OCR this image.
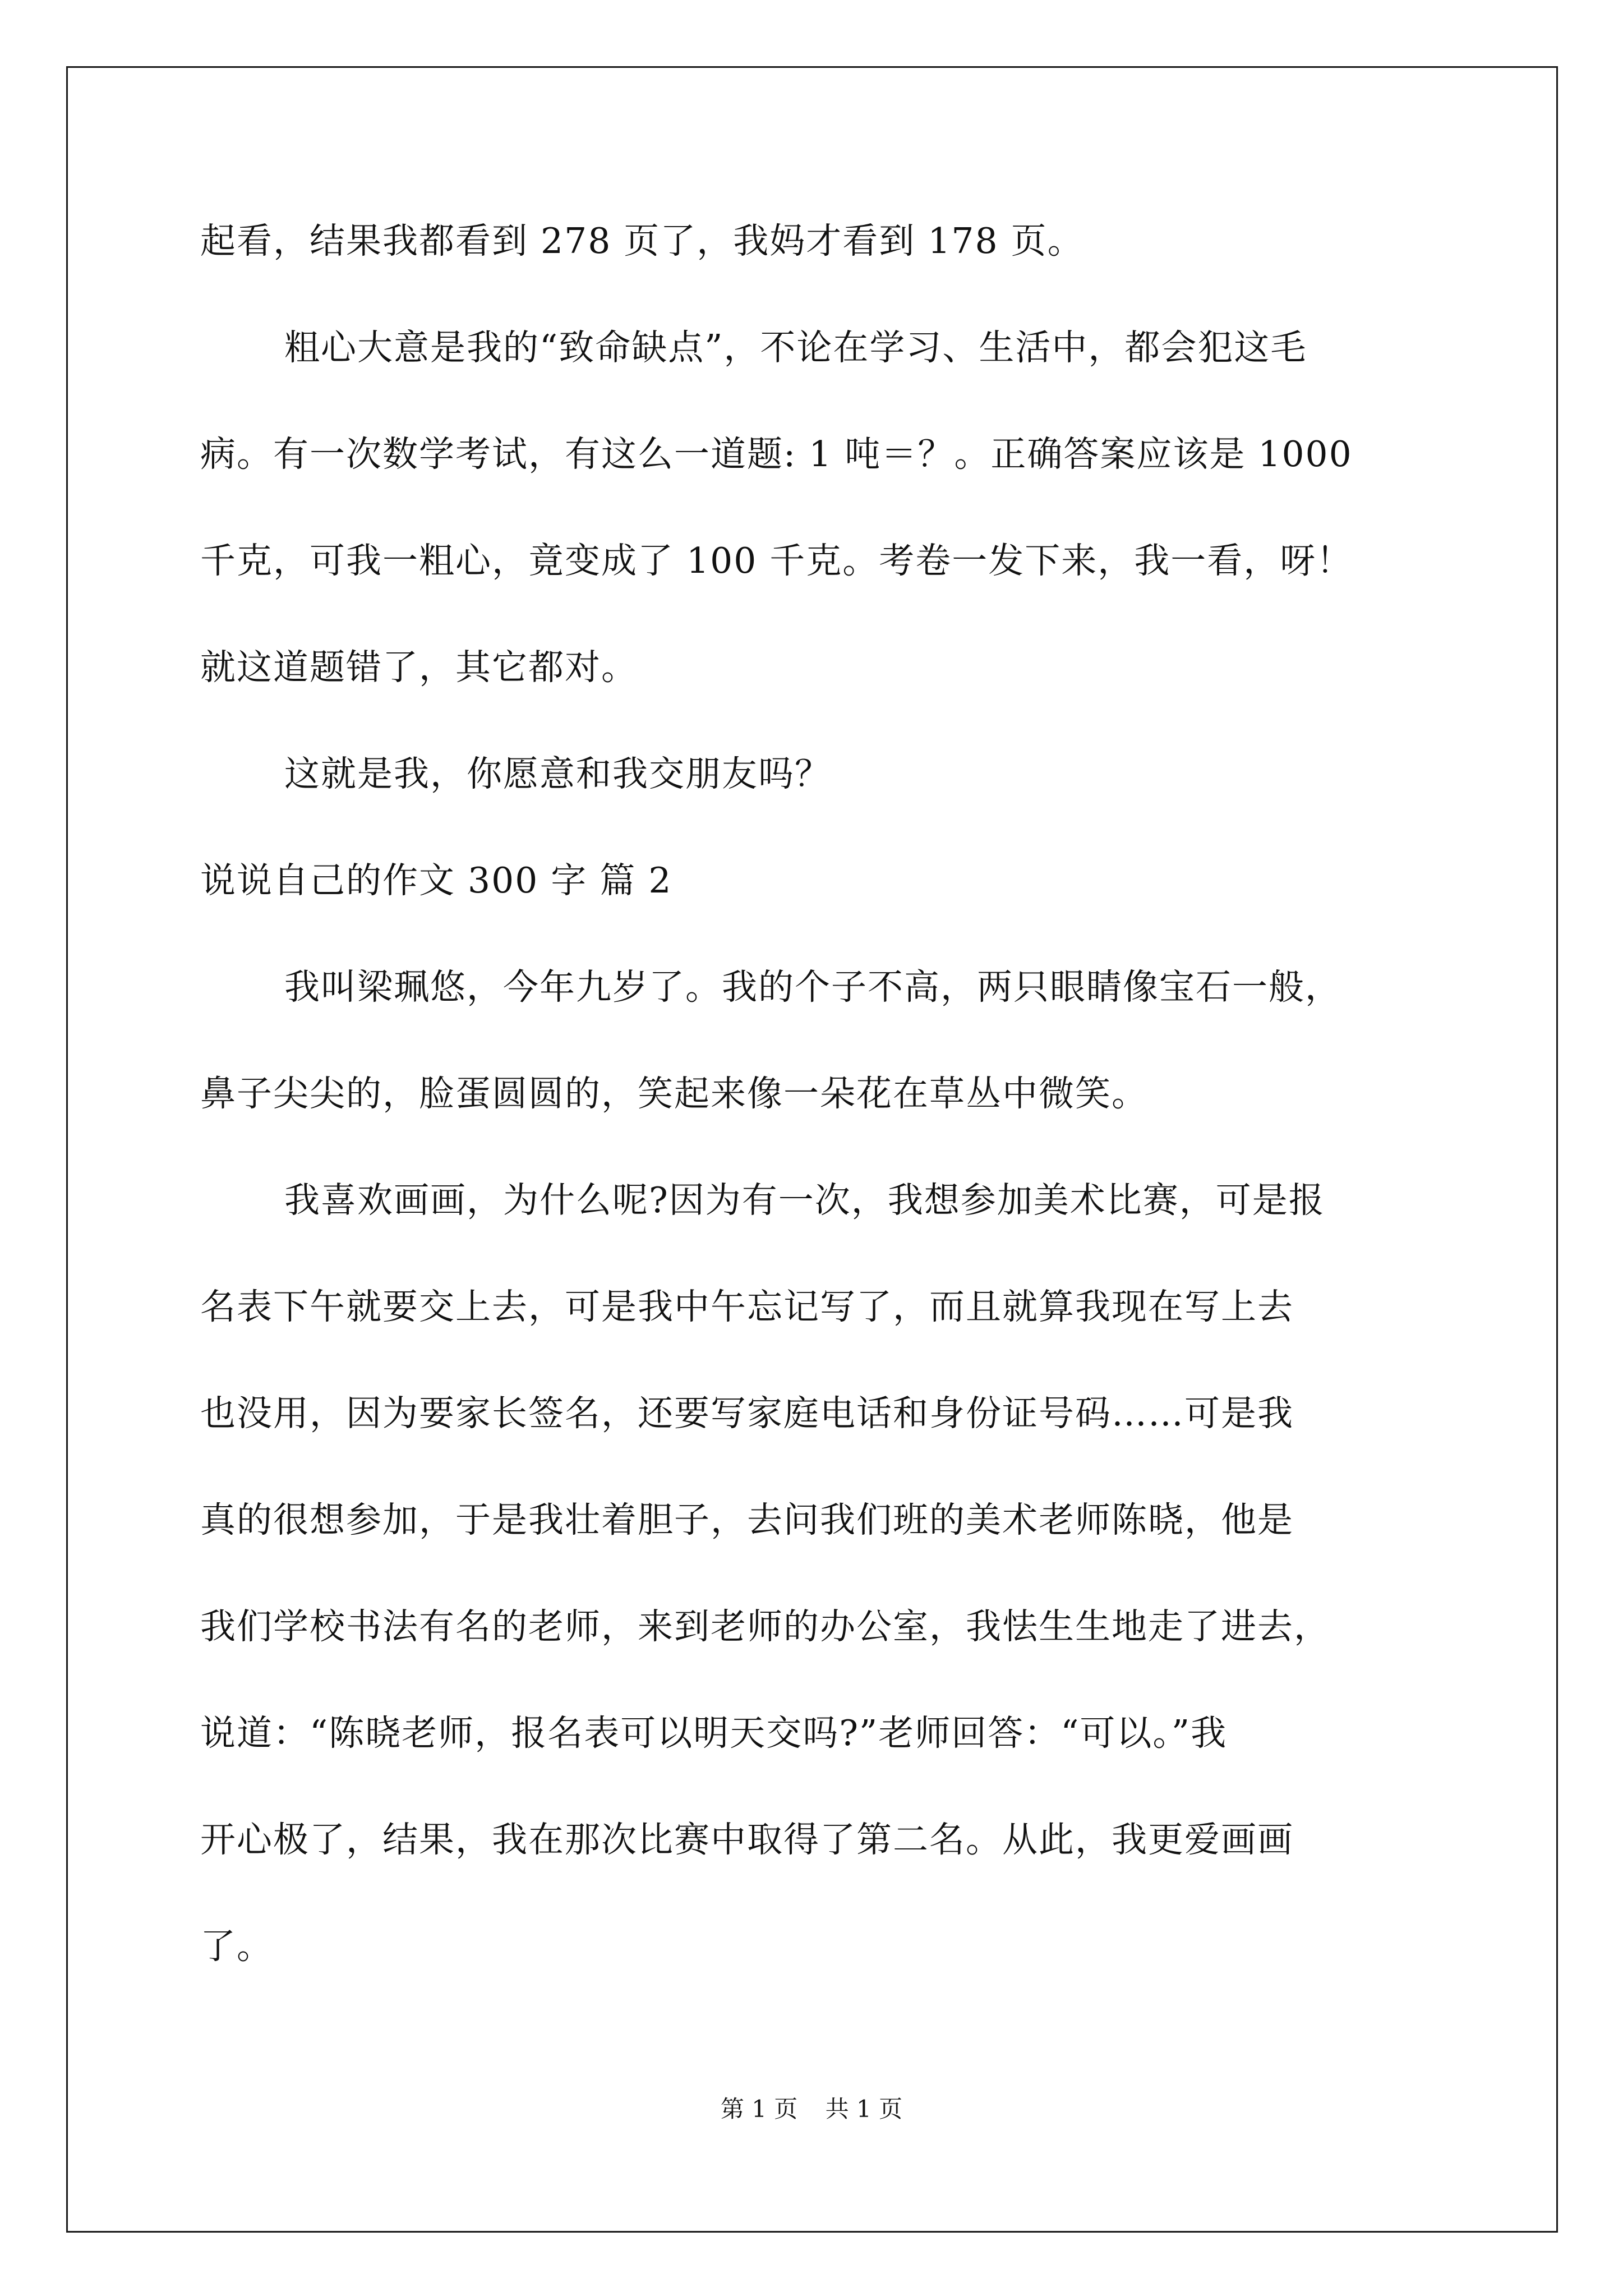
起看，结果我都看到 278 页了，我妈才看到 178 页。
粗心大意是我的“致命缺点”，不论在学习、生活中，都会犯这毛
病。有一次数学考试，有这么一道题: 1 吨＝？。正确答案应该是 1000
千克，可我一粗心，竟变成了 100 千克。考卷一发下来，我一看，呀！
就这道题错了，其它都对。
这就是我，你愿意和我交朋友吗？
说说自己的作文 300 字 篇 2
我叫梁珮悠，今年九岁了。我的个子不高，两只眼睛像宝石一般，
鼻子尖尖的，脸蛋圆圆的，笑起来像一朵花在草丛中微笑。
我喜欢画画，为什么呢?因为有一次，我想参加美术比赛，可是报
名表下午就要交上去，可是我中午忘记写了，而且就算我现在写上去
也没用，因为要家长签名，还要写家庭电话和身份证号码……可是我
真的很想参加，于是我壮着胆子，去问我们班的美术老师陈晓，他是
我们学校书法有名的老师，来到老师的办公室，我怯生生地走了进去，
说道：“陈晓老师，报名表可以明天交吗?”老师回答：“可以。”我
开心极了，结果，我在那次比赛中取得了第二名。从此，我更爱画画
了。
第 1 页 共 1 页
